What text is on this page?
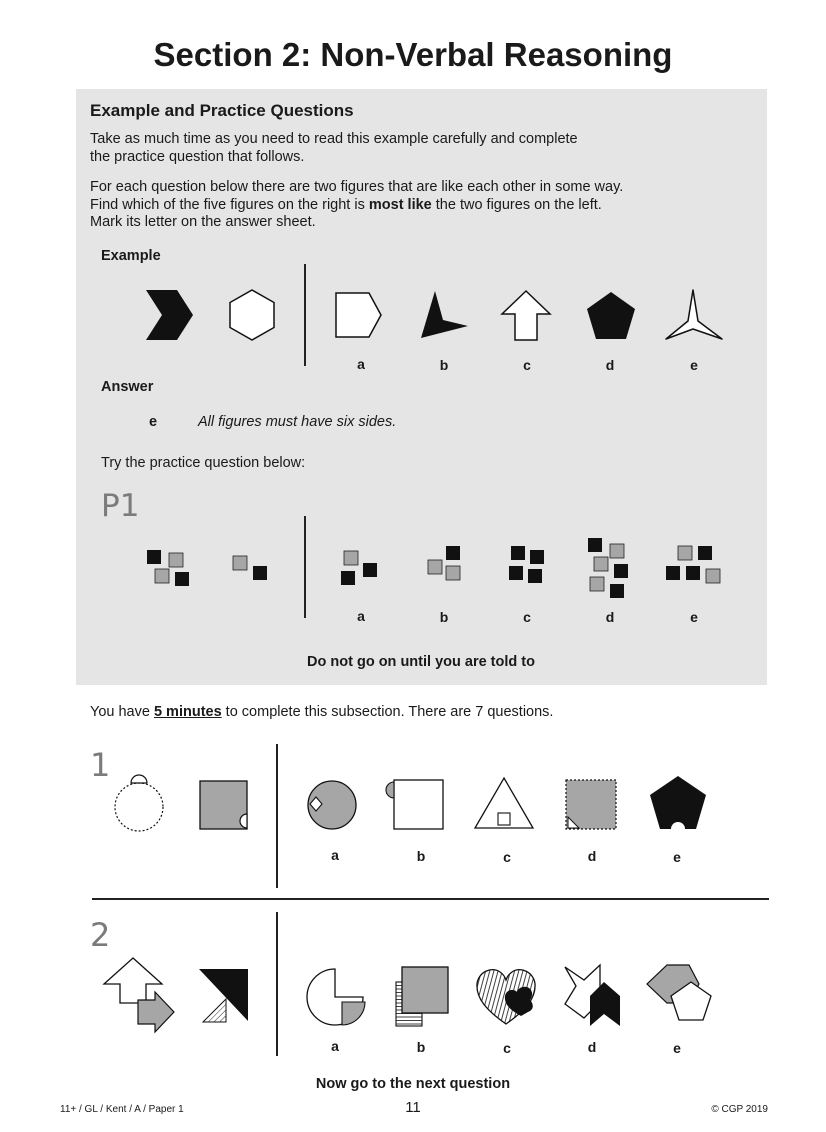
Section 2: Non-Verbal Reasoning
Example and Practice Questions
Take as much time as you need to read this example carefully and complete
the practice question that follows.
For each question below there are two figures that are like each other in some way.
Find which of the five figures on the right is most like the two figures on the left.
Mark its letter on the answer sheet.
Example
a	b	c	d	e
Answer
e	All figures must have six sides.
Try the practice question below:
P1
a	b	c	d	e
Do not go on until you are told to
You have 5 minutes to complete this subsection. There are 7 questions.
1
a	b	c	d	e
2
a	b	c	d	e
Now go to the next question
11+ / GL / Kent / A / Paper 1	11	© CGP 2019
